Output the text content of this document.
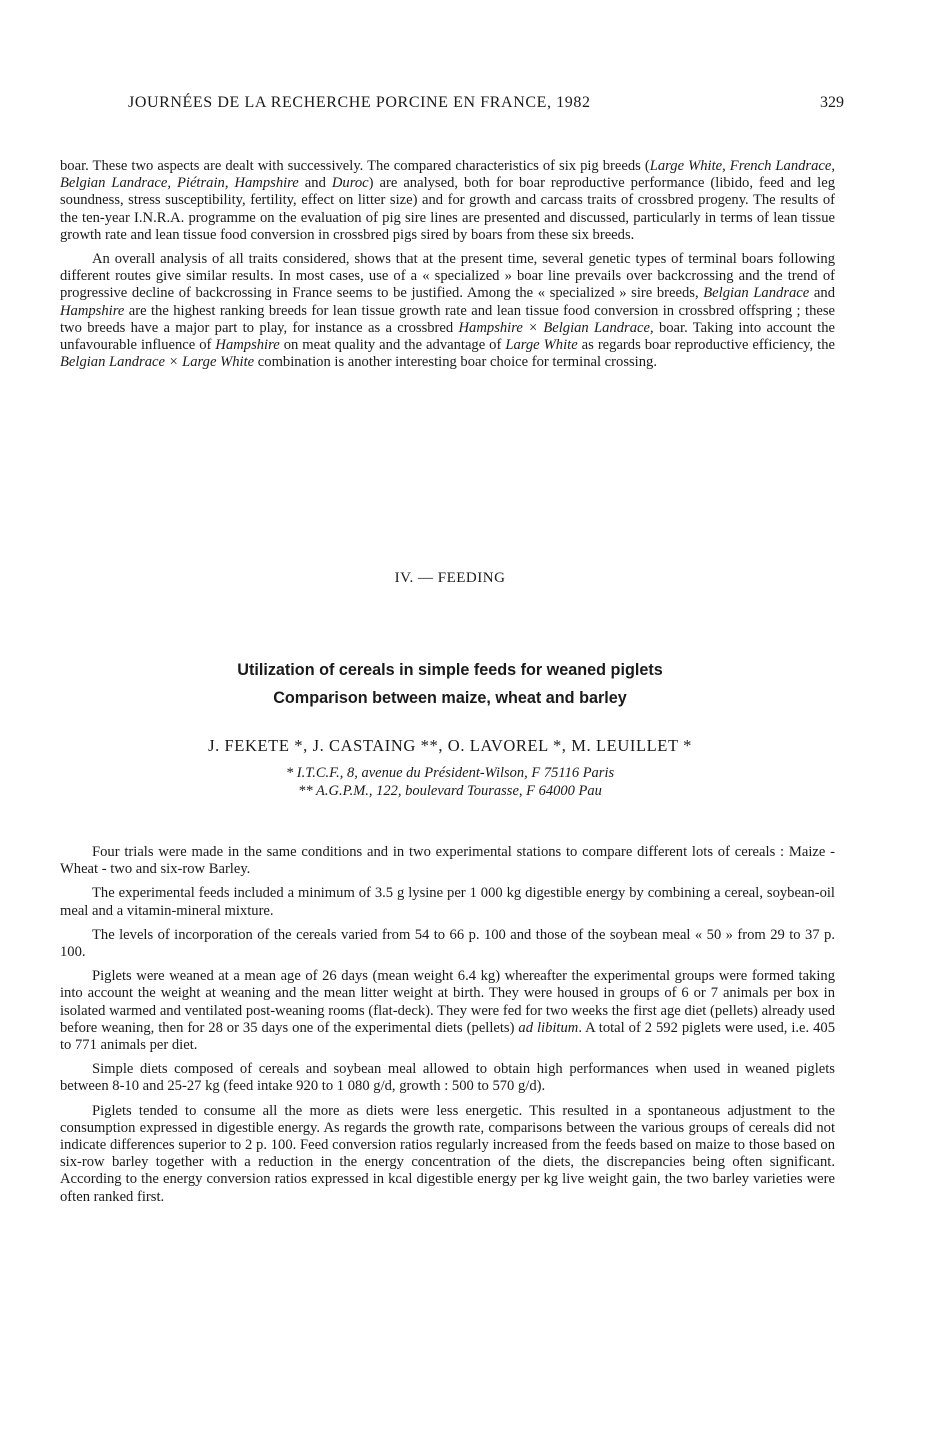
JOURNÉES DE LA RECHERCHE PORCINE EN FRANCE, 1982	329

boar. These two aspects are dealt with successively. The compared characteristics of six pig breeds (Large White, French Landrace, Belgian Landrace, Piétrain, Hampshire and Duroc) are analysed, both for boar reproductive performance (libido, feed and leg soundness, stress susceptibility, fertility, effect on litter size) and for growth and carcass traits of crossbred progeny. The results of the ten-year I.N.R.A. programme on the evaluation of pig sire lines are presented and discussed, particularly in terms of lean tissue growth rate and lean tissue food conversion in crossbred pigs sired by boars from these six breeds.

An overall analysis of all traits considered, shows that at the present time, several genetic types of terminal boars following different routes give similar results. In most cases, use of a « specialized » boar line prevails over backcrossing and the trend of progressive decline of backcrossing in France seems to be justified. Among the « specialized » sire breeds, Belgian Landrace and Hampshire are the highest ranking breeds for lean tissue growth rate and lean tissue food conversion in crossbred offspring ; these two breeds have a major part to play, for instance as a crossbred Hampshire × Belgian Landrace, boar. Taking into account the unfavourable influence of Hampshire on meat quality and the advantage of Large White as regards boar reproductive efficiency, the Belgian Landrace × Large White combination is another interesting boar choice for terminal crossing.

IV. — FEEDING
Utilization of cereals in simple feeds for weaned piglets
Comparison between maize, wheat and barley
J. FEKETE *, J. CASTAING **, O. LAVOREL *, M. LEUILLET *
* I.T.C.F., 8, avenue du Président-Wilson, F 75116 Paris
** A.G.P.M., 122, boulevard Tourasse, F 64000 Pau

Four trials were made in the same conditions and in two experimental stations to compare different lots of cereals : Maize - Wheat - two and six-row Barley.

The experimental feeds included a minimum of 3.5 g lysine per 1 000 kg digestible energy by combining a cereal, soybean-oil meal and a vitamin-mineral mixture.

The levels of incorporation of the cereals varied from 54 to 66 p. 100 and those of the soybean meal « 50 » from 29 to 37 p. 100.

Piglets were weaned at a mean age of 26 days (mean weight 6.4 kg) whereafter the experimental groups were formed taking into account the weight at weaning and the mean litter weight at birth. They were housed in groups of 6 or 7 animals per box in isolated warmed and ventilated post-weaning rooms (flat-deck). They were fed for two weeks the first age diet (pellets) already used before weaning, then for 28 or 35 days one of the experimental diets (pellets) ad libitum. A total of 2 592 piglets were used, i.e. 405 to 771 animals per diet.

Simple diets composed of cereals and soybean meal allowed to obtain high performances when used in weaned piglets between 8-10 and 25-27 kg (feed intake 920 to 1 080 g/d, growth : 500 to 570 g/d).

Piglets tended to consume all the more as diets were less energetic. This resulted in a spontaneous adjustment to the consumption expressed in digestible energy. As regards the growth rate, comparisons between the various groups of cereals did not indicate differences superior to 2 p. 100. Feed conversion ratios regularly increased from the feeds based on maize to those based on six-row barley together with a reduction in the energy concentration of the diets, the discrepancies being often significant. According to the energy conversion ratios expressed in kcal digestible energy per kg live weight gain, the two barley varieties were often ranked first.
